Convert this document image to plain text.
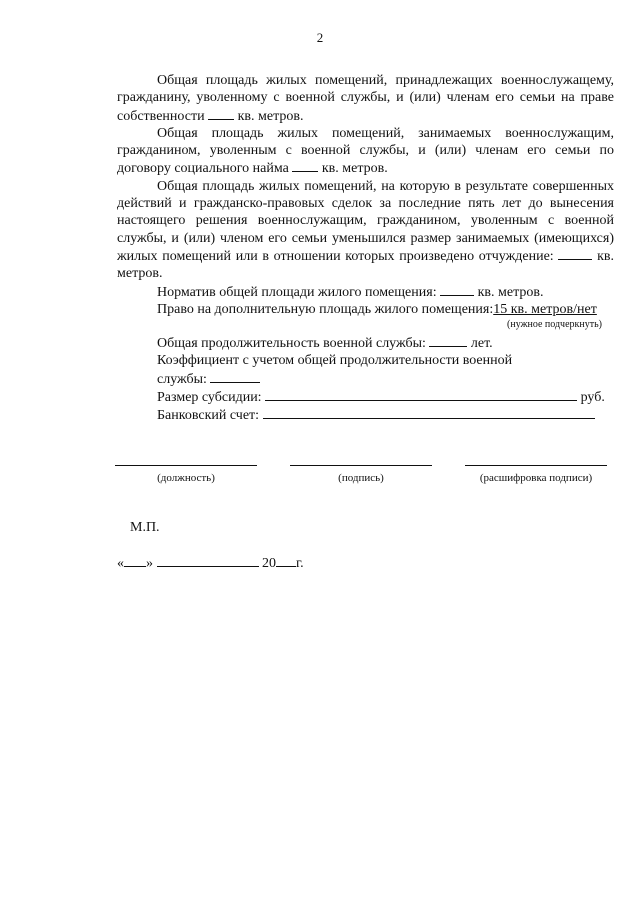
2
Общая площадь жилых помещений, принадлежащих военнослужащему, гражданину, уволенному с военной службы, и (или) членам его семьи на праве собственности кв. метров.
Общая площадь жилых помещений, занимаемых военнослужащим, гражданином, уволенным с военной службы, и (или) членам его семьи по договору социального найма кв. метров.
Общая площадь жилых помещений, на которую в результате совершенных действий и гражданско-правовых сделок за последние пять лет до вынесения настоящего решения военнослужащим, гражданином, уволенным с военной службы, и (или) членом его семьи уменьшился размер занимаемых (имеющихся) жилых помещений или в отношении которых произведено отчуждение:	кв. метров.
Норматив общей площади жилого помещения:	кв. метров.
Право на дополнительную площадь жилого помещения:15 кв. метров/нет
(нужное подчеркнуть)
Общая продолжительность военной службы:	лет.
Коэффициент с учетом общей продолжительности военной
службы:
Размер субсидии:	руб.
Банковский счет:
(должность)	(подпись)	(расшифровка подписи)
М.П.
« »	20 г.
